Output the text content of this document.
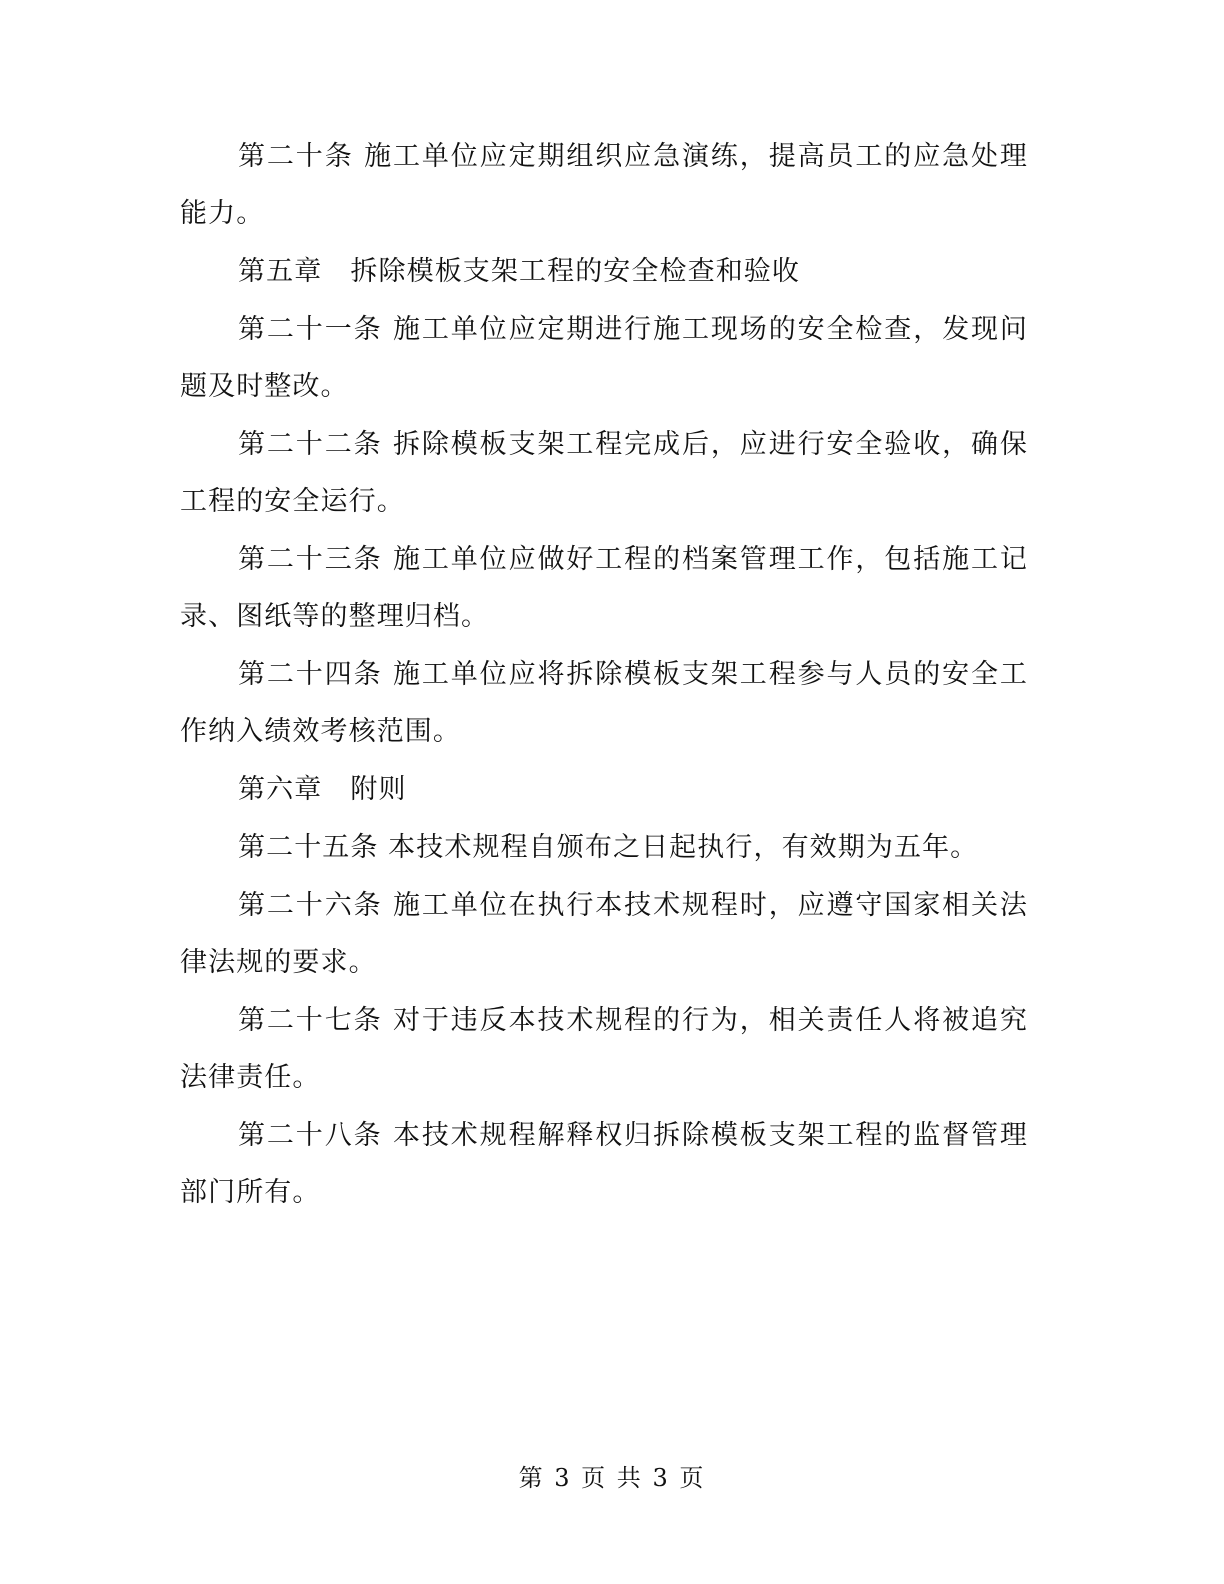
第二十条 施工单位应定期组织应急演练，提高员工的应急处理能力。

第五章　拆除模板支架工程的安全检查和验收

第二十一条 施工单位应定期进行施工现场的安全检查，发现问题及时整改。

第二十二条 拆除模板支架工程完成后，应进行安全验收，确保工程的安全运行。

第二十三条 施工单位应做好工程的档案管理工作，包括施工记录、图纸等的整理归档。

第二十四条 施工单位应将拆除模板支架工程参与人员的安全工作纳入绩效考核范围。

第六章　附则

第二十五条 本技术规程自颁布之日起执行，有效期为五年。

第二十六条 施工单位在执行本技术规程时，应遵守国家相关法律法规的要求。

第二十七条 对于违反本技术规程的行为，相关责任人将被追究法律责任。

第二十八条 本技术规程解释权归拆除模板支架工程的监督管理部门所有。

第 3 页 共 3 页
